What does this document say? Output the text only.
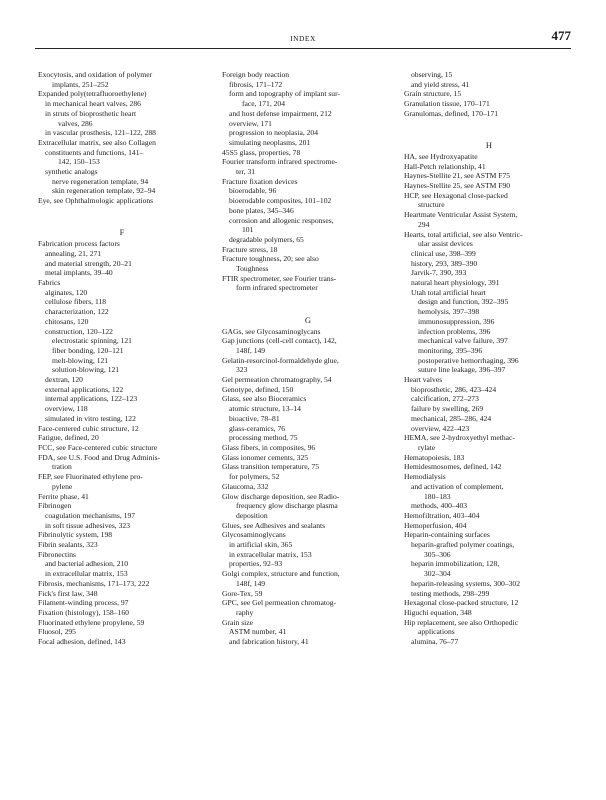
INDEX	477
Exocytosis, and oxidation of polymer
implants, 251–252
Expanded poly(tetrafluoroethylene)
in mechanical heart valves, 286
in struts of bioprosthetic heart
valves, 286
in vascular prosthesis, 121–122, 288
Extracellular matrix, see also Collagen
constituents and functions, 141–
142, 150–153
synthetic analogs
nerve regeneration template, 94
skin regeneration template, 92–94
Eye, see Ophthalmologic applications
F
Fabrication process factors
annealing, 21, 271
and material strength, 20–21
metal implants, 39–40
Fabrics
alginates, 120
cellulose fibers, 118
characterization, 122
chitosans, 120
construction, 120–122
electrostatic spinning, 121
fiber bonding, 120–121
melt-blowing, 121
solution-blowing, 121
dextran, 120
external applications, 122
internal applications, 122–123
overview, 118
simulated in vitro testing, 122
Face-centered cubic structure, 12
Fatigue, defined, 20
FCC, see Face-centered cubic structure
FDA, see U.S. Food and Drug Adminis-
tration
FEP, see Fluorinated ethylene pro-
pylene
Ferrite phase, 41
Fibrinogen
coagulation mechanisms, 197
in soft tissue adhesives, 323
Fibrinolytic system, 198
Fibrin sealants, 323
Fibronectins
and bacterial adhesion, 210
in extracellular matrix, 153
Fibrosis, mechanisms, 171–173, 222
Fick's first law, 348
Filament-winding process, 97
Fixation (histology), 158–160
Fluorinated ethylene propylene, 59
Fluosol, 295
Focal adhesion, defined, 143
Foreign body reaction
fibrosis, 171–172
form and topography of implant sur-
face, 171, 204
and host defense impairment, 212
overview, 171
progression to neoplasia, 204
simulating neoplasms, 201
45S5 glass, properties, 78
Fourier transform infrared spectrome-
ter, 31
Fracture fixation devices
bioerodable, 96
bioerodable composites, 101–102
bone plates, 345–346
corrosion and allogenic responses,
101
degradable polymers, 65
Fracture stress, 18
Fracture toughness, 20; see also
Toughness
FTIR spectrometer, see Fourier trans-
form infrared spectrometer
G
GAGs, see Glycosaminoglycans
Gap junctions (cell-cell contact), 142,
148f, 149
Gelatin-resorcinol-formaldehyde glue,
323
Gel permeation chromatography, 54
Genotype, defined, 150
Glass, see also Bioceramics
atomic structure, 13–14
bioactive, 78–81
glass-ceramics, 76
processing method, 75
Glass fibers, in composites, 96
Glass ionomer cements, 325
Glass transition temperature, 75
for polymers, 52
Glaucoma, 332
Glow discharge deposition, see Radio-
frequency glow discharge plasma
deposition
Glues, see Adhesives and sealants
Glycosaminoglycans
in artificial skin, 365
in extracellular matrix, 153
properties, 92–93
Golgi complex, structure and function,
148f, 149
Gore-Tex, 59
GPC, see Gel permeation chromatog-
raphy
Grain size
ASTM number, 41
and fabrication history, 41
observing, 15
and yield stress, 41
Grain structure, 15
Granulation tissue, 170–171
Granulomas, defined, 170–171
H
HA, see Hydroxyapatite
Hall-Petch relationship, 41
Haynes-Stellite 21, see ASTM F75
Haynes-Stellite 25, see ASTM F90
HCP, see Hexagonal close-packed
structure
Heartmate Ventricular Assist System,
294
Hearts, total artificial, see also Ventric-
ular assist devices
clinical use, 398–399
history, 293, 389–390
Jarvik-7, 390, 393
natural heart physiology, 391
Utah total artificial heart
design and function, 392–395
hemolysis, 397–398
immunosuppression, 396
infection problems, 396
mechanical valve failure, 397
monitoring, 395–396
postoperative hemorrhaging, 396
suture line leakage, 396–397
Heart valves
bioprosthetic, 286, 423–424
calcification, 272–273
failure by swelling, 269
mechanical, 285–286, 424
overview, 422–423
HEMA, see 2-hydroxyethyl methac-
rylate
Hematopoiesis, 183
Hemidesmosomes, defined, 142
Hemodialysis
and activation of complement,
180–183
methods, 400–403
Hemofiltration, 403–404
Hemoperfusion, 404
Heparin-containing surfaces
heparin-grafted polymer coatings,
305–306
heparin immobilization, 128,
302–304
heparin-releasing systems, 300–302
testing methods, 298–299
Hexagonal close-packed structure, 12
Higuchi equation, 348
Hip replacement, see also Orthopedic
applications
alumina, 76–77
